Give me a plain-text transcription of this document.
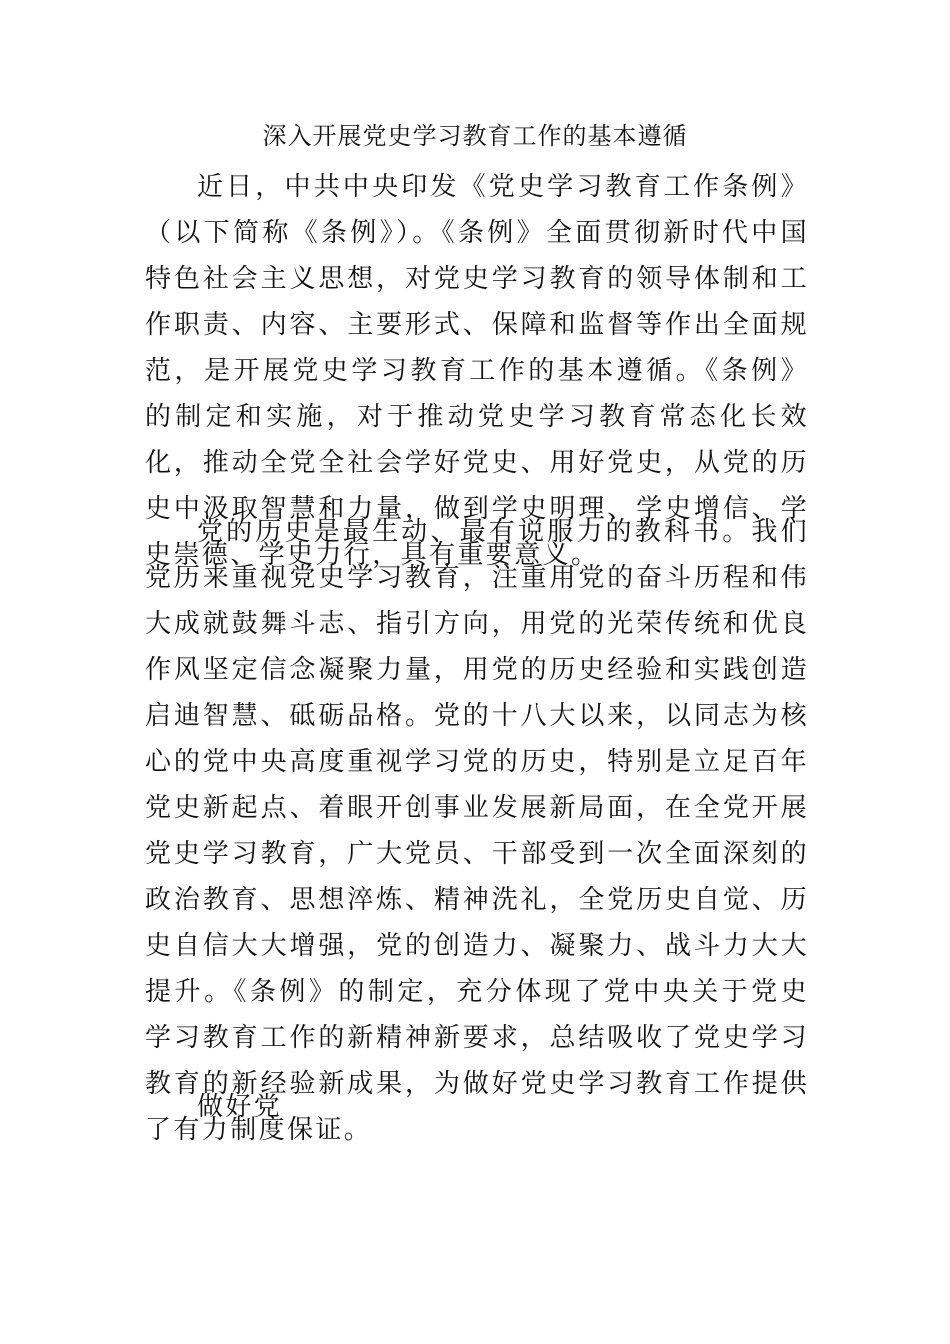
深入开展党史学习教育工作的基本遵循

近日，中共中央印发《党史学习教育工作条例》（以下简称《条例》）。《条例》全面贯彻新时代中国特色社会主义思想，对党史学习教育的领导体制和工作职责、内容、主要形式、保障和监督等作出全面规范，是开展党史学习教育工作的基本遵循。《条例》的制定和实施，对于推动党史学习教育常态化长效化，推动全党全社会学好党史、用好党史，从党的历史中汲取智慧和力量，做到学史明理、学史增信、学史崇德、学史力行，具有重要意义。

党的历史是最生动、最有说服力的教科书。我们党历来重视党史学习教育，注重用党的奋斗历程和伟大成就鼓舞斗志、指引方向，用党的光荣传统和优良作风坚定信念凝聚力量，用党的历史经验和实践创造启迪智慧、砥砺品格。党的十八大以来，以同志为核心的党中央高度重视学习党的历史，特别是立足百年党史新起点、着眼开创事业发展新局面，在全党开展党史学习教育，广大党员、干部受到一次全面深刻的政治教育、思想淬炼、精神洗礼，全党历史自觉、历史自信大大增强，党的创造力、凝聚力、战斗力大大提升。《条例》的制定，充分体现了党中央关于党史学习教育工作的新精神新要求，总结吸收了党史学习教育的新经验新成果，为做好党史学习教育工作提供了有力制度保证。

做好党
